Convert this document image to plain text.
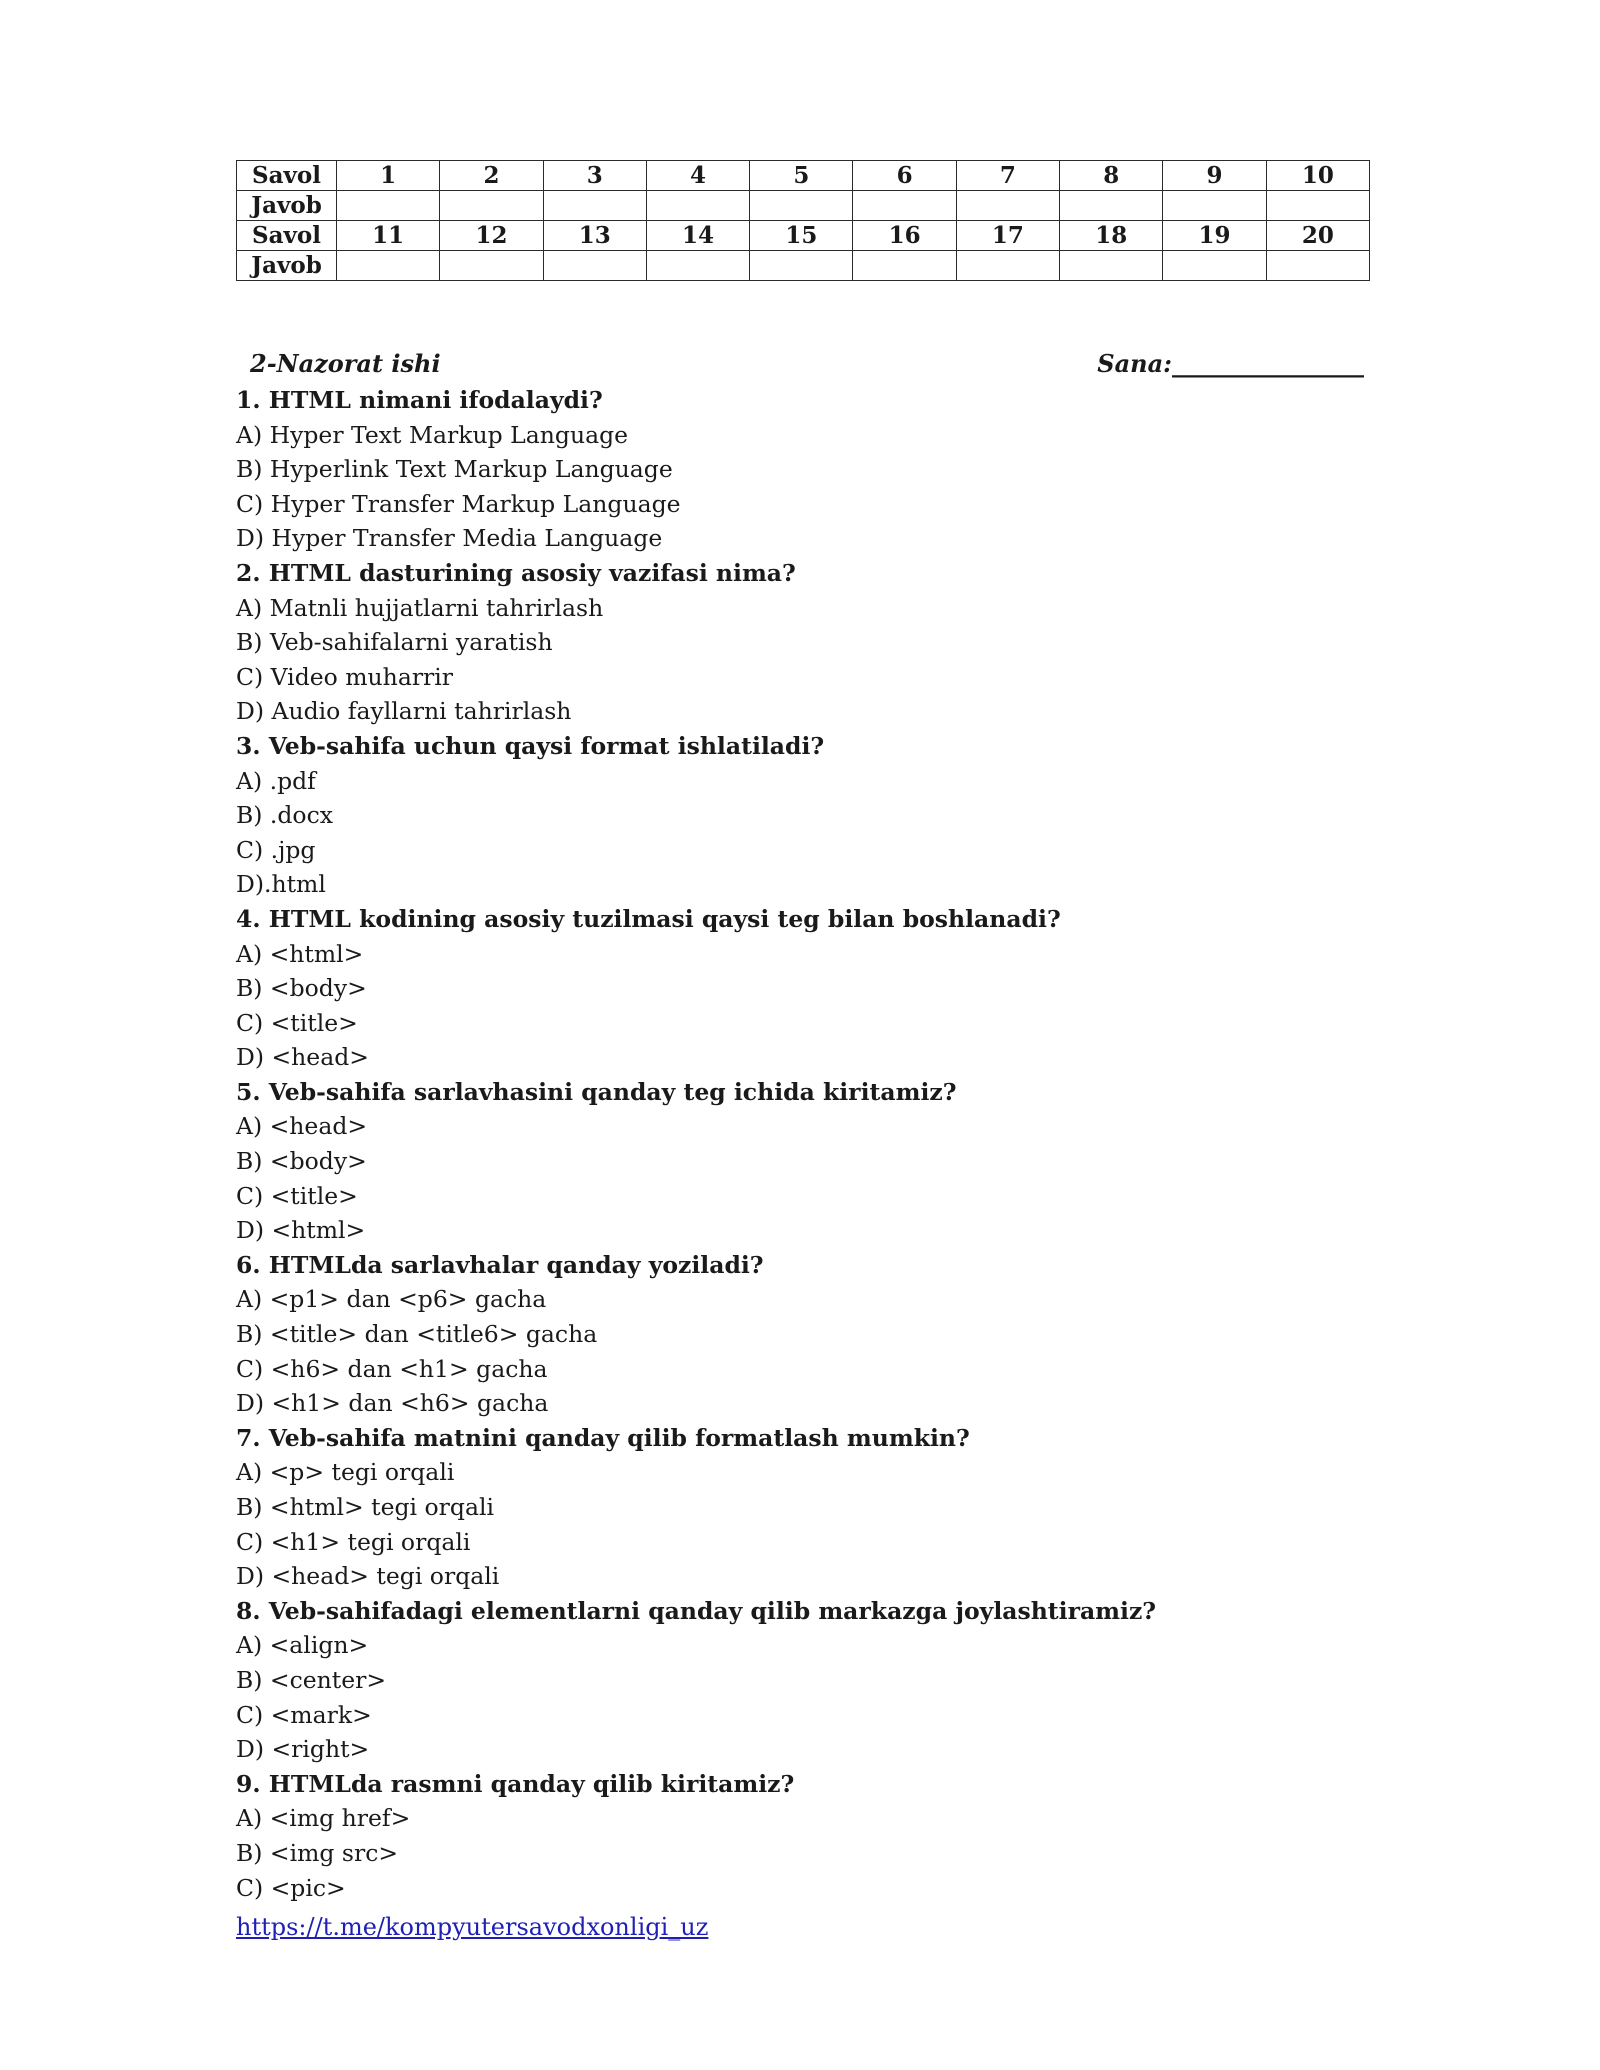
Savol	1	2	3	4	5	6	7	8	9	10
Javob										
Savol	11	12	13	14	15	16	17	18	19	20
Javob										
2-Nazorat ishi	Sana:________________
1. HTML nimani ifodalaydi?
A) Hyper Text Markup Language
B) Hyperlink Text Markup Language
C) Hyper Transfer Markup Language
D) Hyper Transfer Media Language
2. HTML dasturining asosiy vazifasi nima?
A) Matnli hujjatlarni tahrirlash
B) Veb-sahifalarni yaratish
C) Video muharrir
D) Audio fayllarni tahrirlash
3. Veb-sahifa uchun qaysi format ishlatiladi?
A) .pdf
B) .docx
C) .jpg
D).html
4. HTML kodining asosiy tuzilmasi qaysi teg bilan boshlanadi?
A) <html>
B) <body>
C) <title>
D) <head>
5. Veb-sahifa sarlavhasini qanday teg ichida kiritamiz?
A) <head>
B) <body>
C) <title>
D) <html>
6. HTMLda sarlavhalar qanday yoziladi?
A) <p1> dan <p6> gacha
B) <title> dan <title6> gacha
C) <h6> dan <h1> gacha
D) <h1> dan <h6> gacha
7. Veb-sahifa matnini qanday qilib formatlash mumkin?
A) <p> tegi orqali
B) <html> tegi orqali
C) <h1> tegi orqali
D) <head> tegi orqali
8. Veb-sahifadagi elementlarni qanday qilib markazga joylashtiramiz?
A) <align>
B) <center>
C) <mark>
D) <right>
9. HTMLda rasmni qanday qilib kiritamiz?
A) <img href>
B) <img src>
C) <pic>
https://t.me/kompyutersavodxonligi_uz
